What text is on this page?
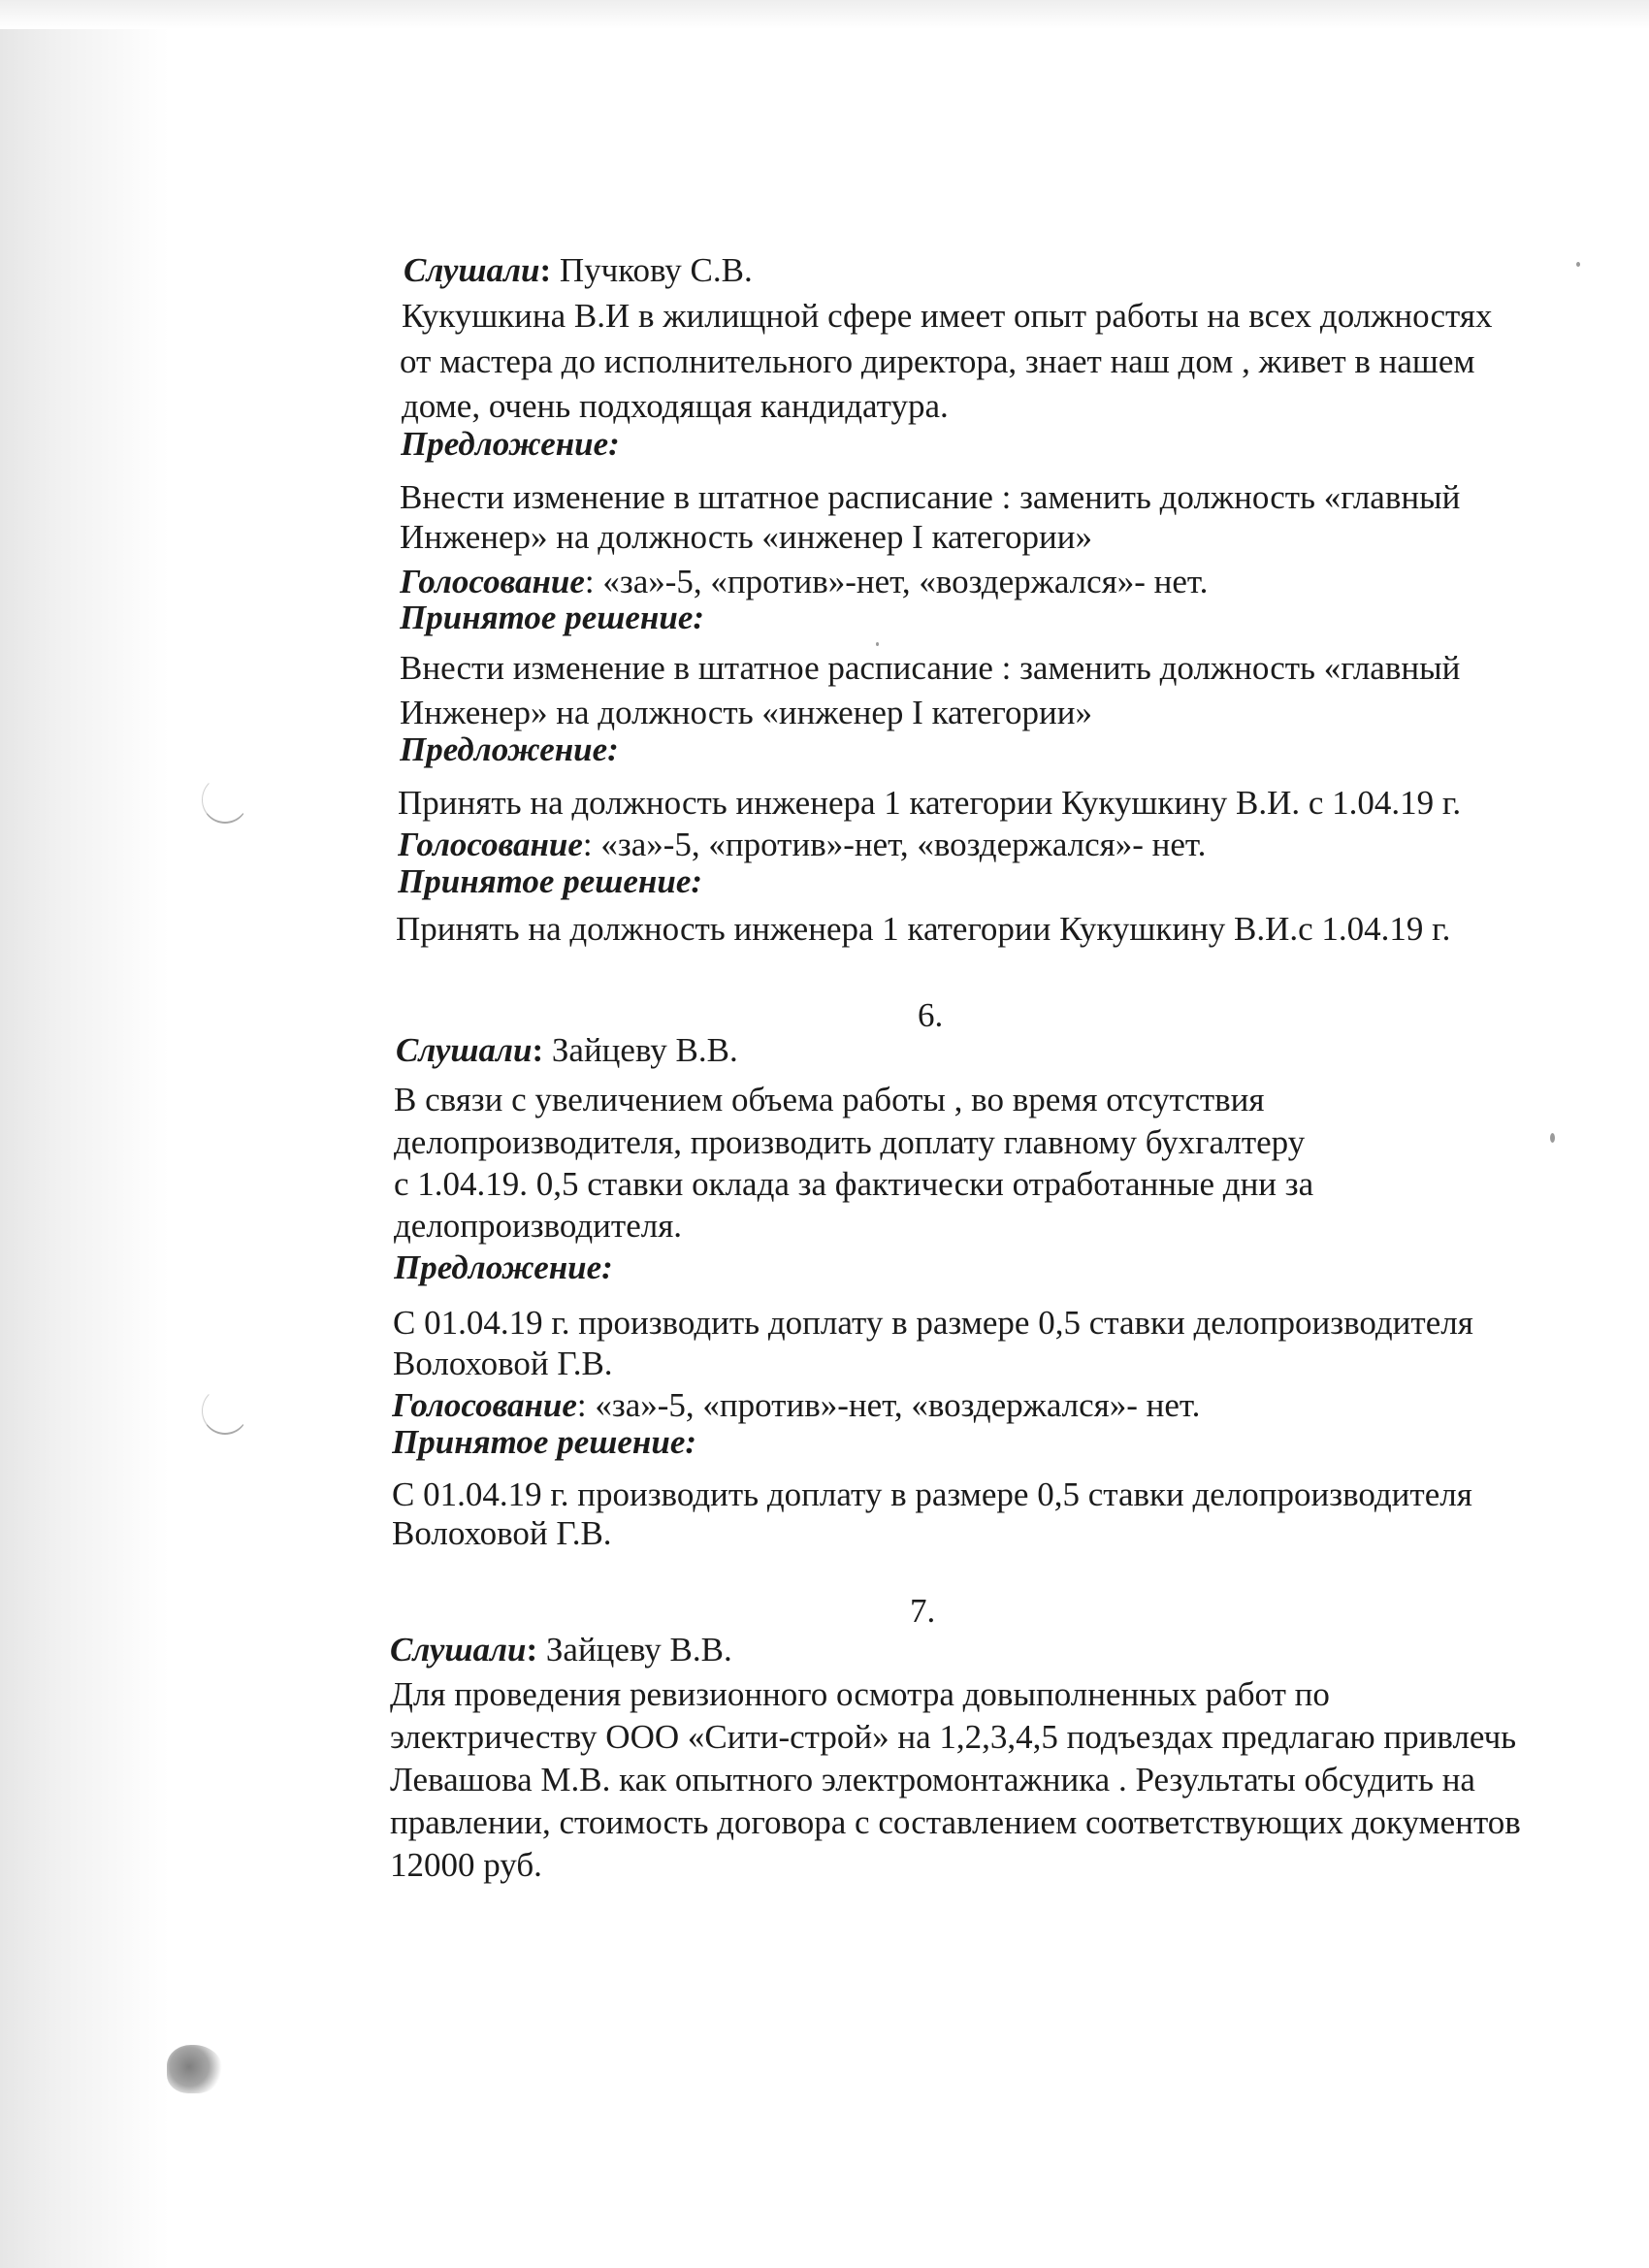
Слушали: Пучкову С.В.
Кукушкина В.И в жилищной сфере имеет опыт работы на всех должностях
от мастера до исполнительного директора, знает наш дом , живет в нашем
доме, очень подходящая кандидатура.
Предложение:
Внести изменение в штатное расписание : заменить должность «главный
Инженер» на должность «инженер I категории»
Голосование: «за»-5, «против»-нет, «воздержался»- нет.
Принятое решение:
Внести изменение в штатное расписание : заменить должность «главный
Инженер» на должность «инженер I категории»
Предложение:
Принять на должность инженера 1 категории Кукушкину В.И. с 1.04.19 г.
Голосование: «за»-5, «против»-нет, «воздержался»- нет.
Принятое решение:
Принять на должность инженера 1 категории Кукушкину В.И.с 1.04.19 г.
6.
Слушали: Зайцеву В.В.
В связи с увеличением объема работы , во время отсутствия
делопроизводителя, производить доплату главному бухгалтеру
с 1.04.19. 0,5 ставки оклада за фактически отработанные дни за
делопроизводителя.
Предложение:
С 01.04.19 г. производить доплату в размере 0,5 ставки делопроизводителя
Волоховой Г.В.
Голосование: «за»-5, «против»-нет, «воздержался»- нет.
Принятое решение:
С 01.04.19 г. производить доплату в размере 0,5 ставки делопроизводителя
Волоховой Г.В.
7.
Слушали: Зайцеву В.В.
Для проведения ревизионного осмотра довыполненных работ по
электричеству ООО «Сити-строй» на 1,2,3,4,5 подъездах предлагаю привлечь
Левашова М.В. как опытного электромонтажника . Результаты обсудить на
правлении, стоимость договора с составлением соответствующих документов
12000 руб.
